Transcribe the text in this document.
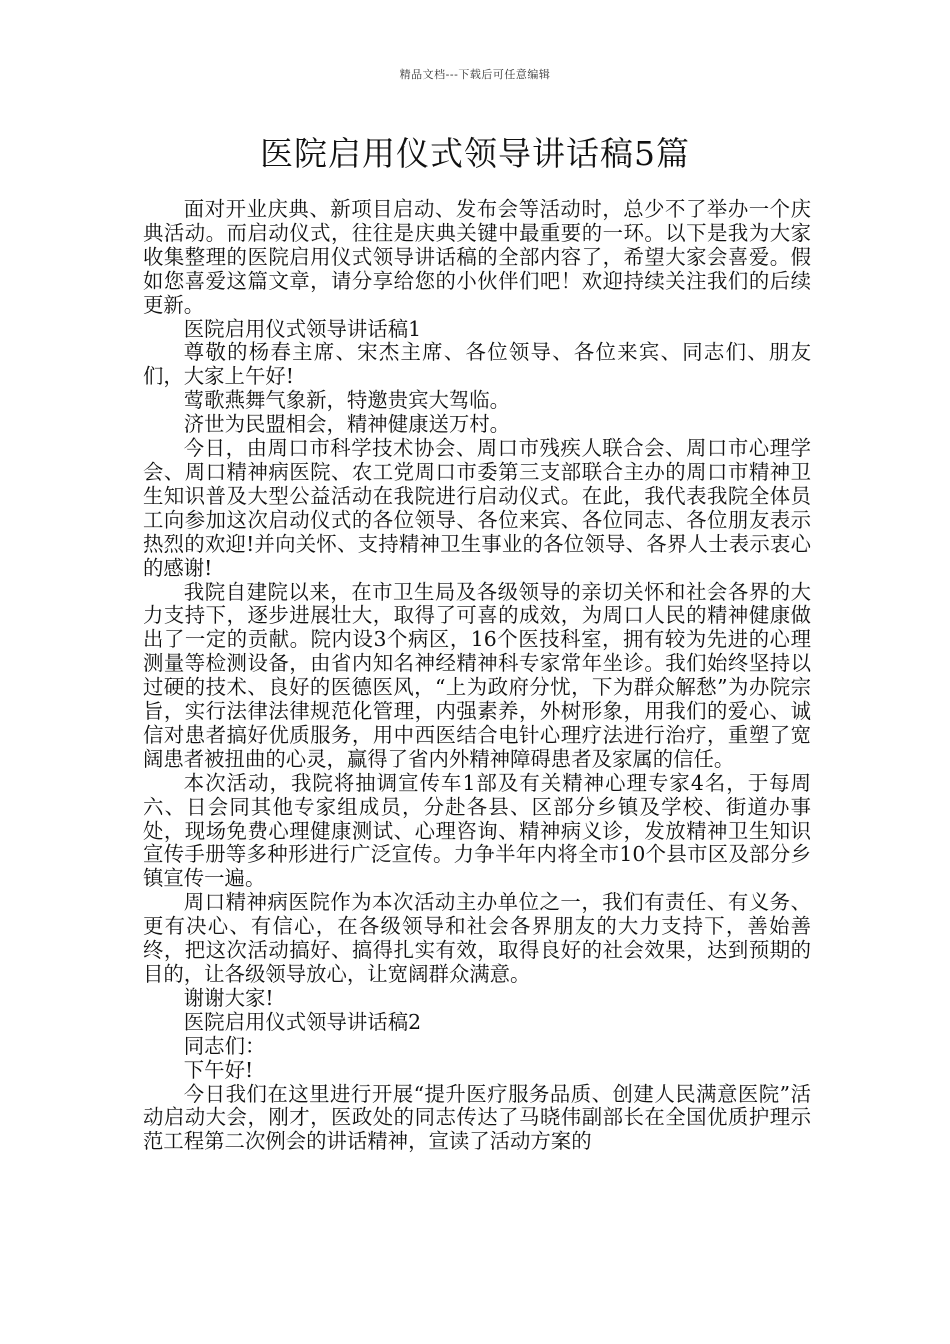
精品文档---下载后可任意编辑
医院启用仪式领导讲话稿5篇

面对开业庆典、新项目启动、发布会等活动时，总少不了举办一个庆典活动。而启动仪式，往往是庆典关键中最重要的一环。以下是我为大家收集整理的医院启用仪式领导讲话稿的全部内容了，希望大家会喜爱。假如您喜爱这篇文章，请分享给您的小伙伴们吧！欢迎持续关注我们的后续更新。

医院启用仪式领导讲话稿1

尊敬的杨春主席、宋杰主席、各位领导、各位来宾、同志们、朋友们，大家上午好!

莺歌燕舞气象新，特邀贵宾大驾临。

济世为民盟相会，精神健康送万村。

今日，由周口市科学技术协会、周口市残疾人联合会、周口市心理学会、周口精神病医院、农工党周口市委第三支部联合主办的周口市精神卫生知识普及大型公益活动在我院进行启动仪式。在此，我代表我院全体员工向参加这次启动仪式的各位领导、各位来宾、各位同志、各位朋友表示热烈的欢迎!并向关怀、支持精神卫生事业的各位领导、各界人士表示衷心的感谢!

我院自建院以来，在市卫生局及各级领导的亲切关怀和社会各界的大力支持下，逐步进展壮大，取得了可喜的成效，为周口人民的精神健康做出了一定的贡献。院内设3个病区，16个医技科室，拥有较为先进的心理测量等检测设备，由省内知名神经精神科专家常年坐诊。我们始终坚持以过硬的技术、良好的医德医风，“上为政府分忧，下为群众解愁”为办院宗旨，实行法律法律规范化管理，内强素养，外树形象，用我们的爱心、诚信对患者搞好优质服务，用中西医结合电针心理疗法进行治疗，重塑了宽阔患者被扭曲的心灵，赢得了省内外精神障碍患者及家属的信任。

本次活动，我院将抽调宣传车1部及有关精神心理专家4名，于每周六、日会同其他专家组成员，分赴各县、区部分乡镇及学校、街道办事处，现场免费心理健康测试、心理咨询、精神病义诊，发放精神卫生知识宣传手册等多种形进行广泛宣传。力争半年内将全市10个县市区及部分乡镇宣传一遍。

周口精神病医院作为本次活动主办单位之一，我们有责任、有义务、更有决心、有信心，在各级领导和社会各界朋友的大力支持下，善始善终，把这次活动搞好、搞得扎实有效，取得良好的社会效果，达到预期的目的，让各级领导放心，让宽阔群众满意。

谢谢大家!

医院启用仪式领导讲话稿2

同志们：

下午好!

今日我们在这里进行开展“提升医疗服务品质、创建人民满意医院”活动启动大会，刚才，医政处的同志传达了马晓伟副部长在全国优质护理示范工程第二次例会的讲话精神，宣读了活动方案的
